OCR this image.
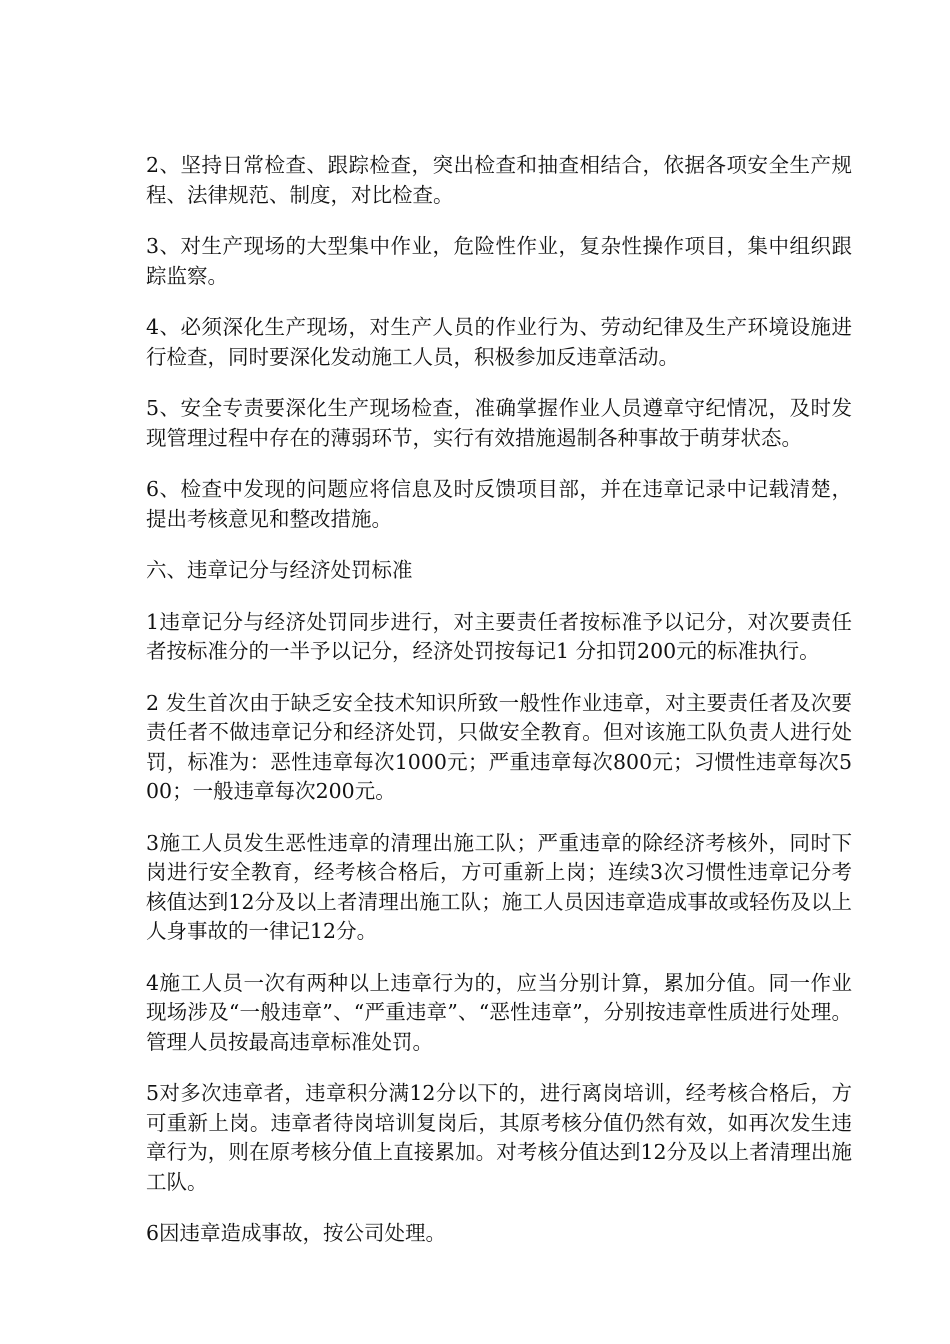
2、坚持日常检查、跟踪检查，突出检查和抽查相结合，依据各项安全生产规程、法律规范、制度，对比检查。

3、对生产现场的大型集中作业，危险性作业，复杂性操作项目，集中组织跟踪监察。

4、必须深化生产现场，对生产人员的作业行为、劳动纪律及生产环境设施进行检查，同时要深化发动施工人员，积极参加反违章活动。

5、安全专责要深化生产现场检查，准确掌握作业人员遵章守纪情况，及时发现管理过程中存在的薄弱环节，实行有效措施遏制各种事故于萌芽状态。

6、检查中发现的问题应将信息及时反馈项目部，并在违章记录中记载清楚，提出考核意见和整改措施。

六、违章记分与经济处罚标准

1违章记分与经济处罚同步进行，对主要责任者按标准予以记分，对次要责任者按标准分的一半予以记分，经济处罚按每记1 分扣罚200元的标准执行。

2 发生首次由于缺乏安全技术知识所致一般性作业违章，对主要责任者及次要责任者不做违章记分和经济处罚，只做安全教育。但对该施工队负责人进行处罚，标准为：恶性违章每次1000元；严重违章每次800元；习惯性违章每次500；一般违章每次200元。

3施工人员发生恶性违章的清理出施工队；严重违章的除经济考核外，同时下岗进行安全教育，经考核合格后，方可重新上岗；连续3次习惯性违章记分考核值达到12分及以上者清理出施工队；施工人员因违章造成事故或轻伤及以上人身事故的一律记12分。

4施工人员一次有两种以上违章行为的，应当分别计算，累加分值。同一作业现场涉及“一般违章”、“严重违章”、“恶性违章”，分别按违章性质进行处理。管理人员按最高违章标准处罚。

5对多次违章者，违章积分满12分以下的，进行离岗培训，经考核合格后，方可重新上岗。违章者待岗培训复岗后，其原考核分值仍然有效，如再次发生违章行为，则在原考核分值上直接累加。对考核分值达到12分及以上者清理出施工队。

6因违章造成事故，按公司处理。
